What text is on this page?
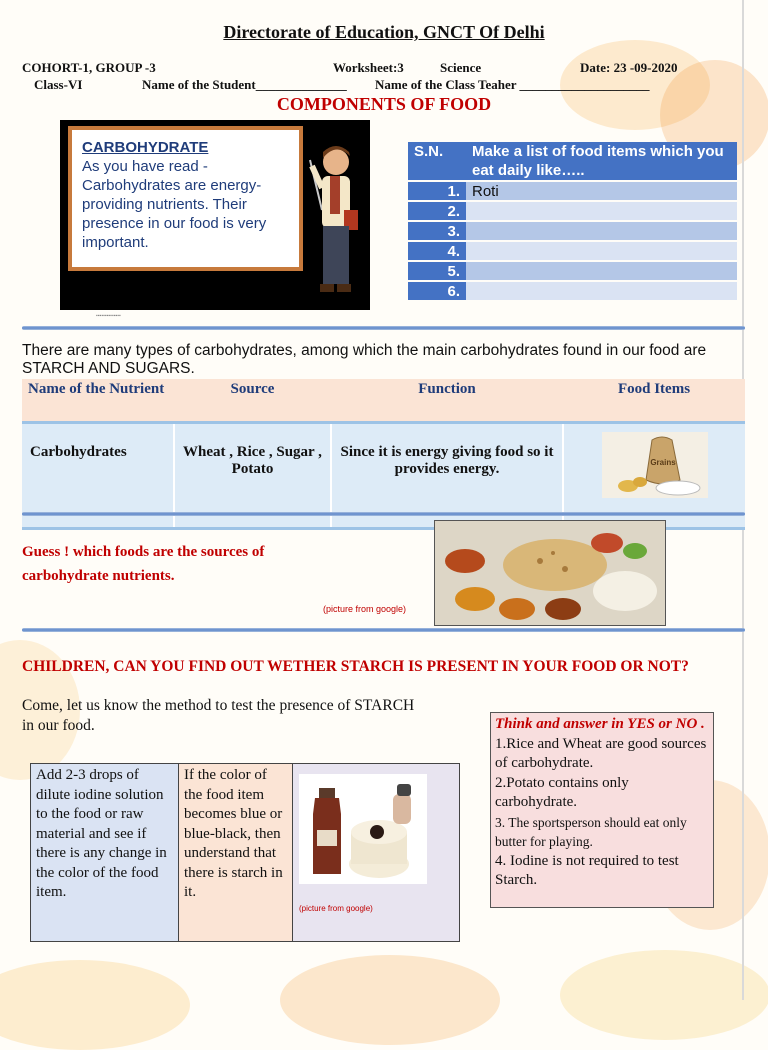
Directorate of Education, GNCT Of Delhi
COHORT-1, GROUP -3	Worksheet:3	Science	Date: 23 -09-2020
Class-VI	Name of the Student______________ Name of the Class Teaher ____________________
COMPONENTS OF FOOD
CARBOHYDRATE
As you have read - Carbohydrates are energy-providing nutrients. Their presence in our food is very important.
▪▪▪▪▪▪▪▪▪▪▪▪▪▪
S.N.	Make a list of food items which you eat daily like…..
1.	Roti
2.	
3.	
4.	
5.	
6.	
There are many types of carbohydrates, among which the main carbohydrates found in our food are STARCH AND SUGARS.
Name of the Nutrient	Source	Function	Food Items
Carbohydrates	Wheat , Rice , Sugar , Potato	Since it is energy giving food so it provides energy.	Grains
Guess ! which foods are the sources of carbohydrate nutrients.
(picture from google)
CHILDREN, CAN YOU FIND OUT WETHER STARCH IS PRESENT IN YOUR FOOD OR NOT?
Come, let us know the method to test the presence of STARCH in our food.
Add 2-3 drops of dilute iodine solution to the food or raw material and see if there is any change in the color of the food item.
If the color of the food item becomes blue or blue-black, then understand that there is starch in it.
(picture from google)
Think and answer in YES or NO .
1.Rice and Wheat are good sources of carbohydrate.
2.Potato contains only carbohydrate.
3. The sportsperson should eat only butter for playing.
4. Iodine is not required to test Starch.
